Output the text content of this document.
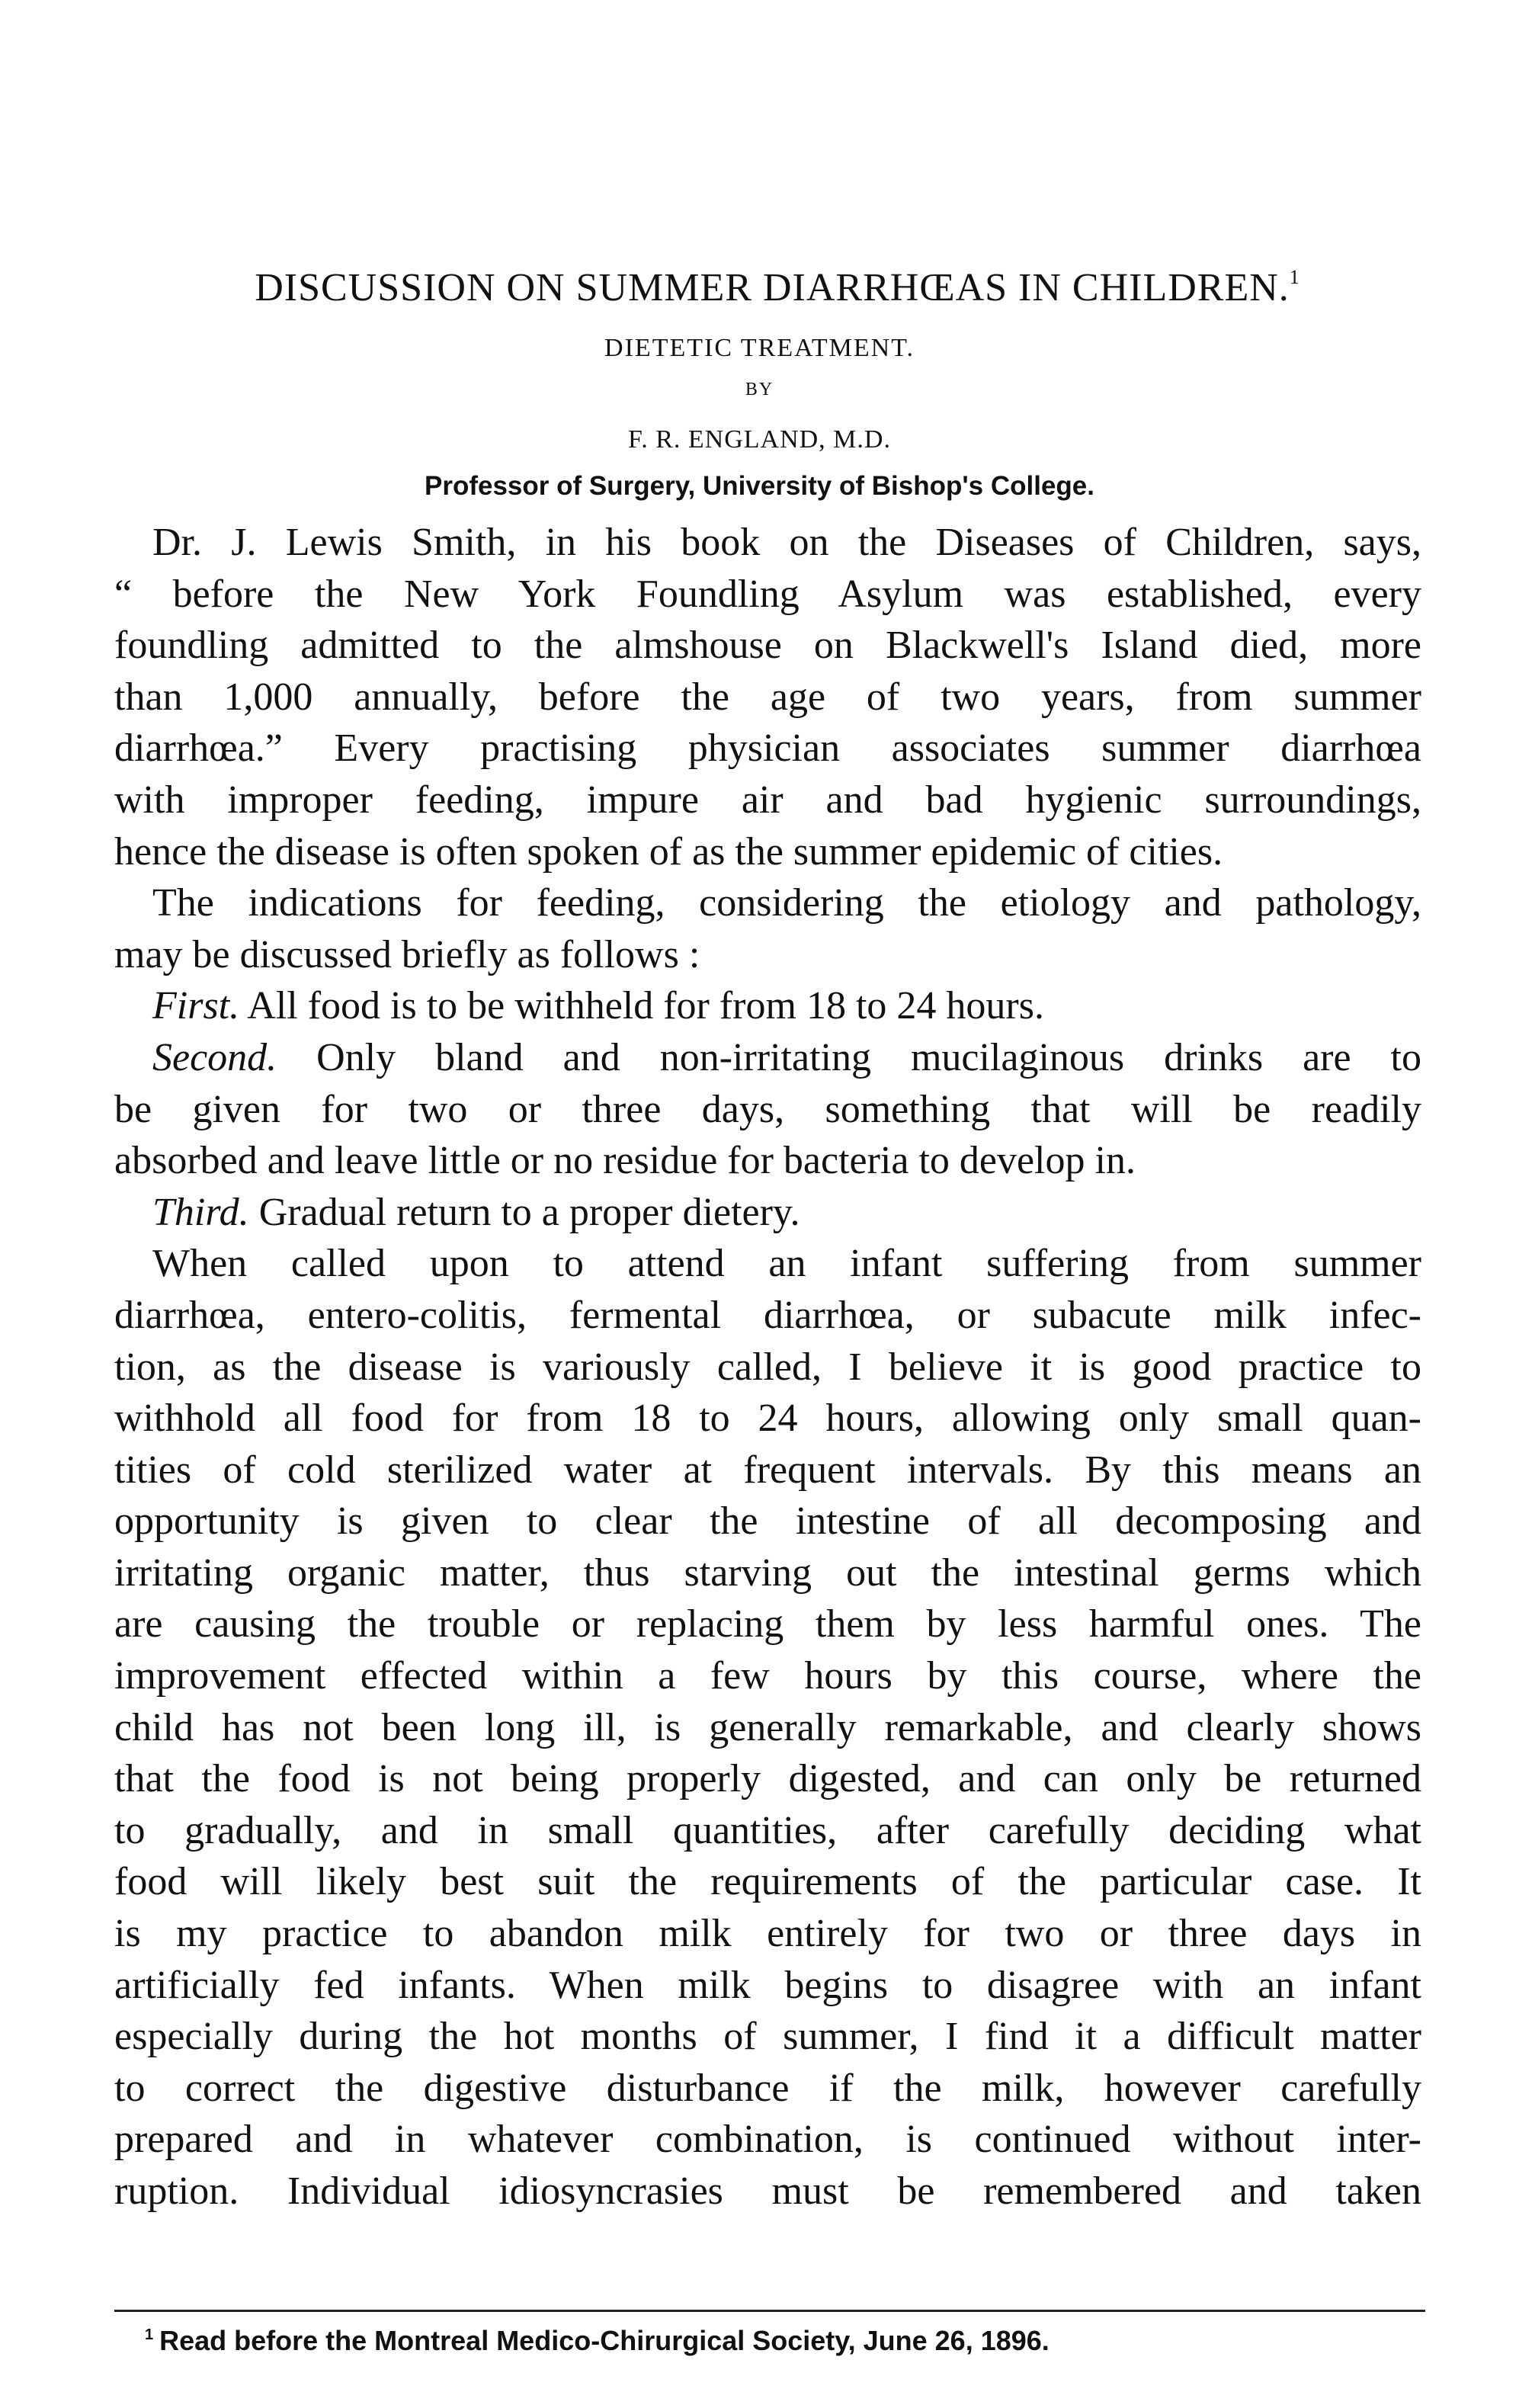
DISCUSSION ON SUMMER DIARRHŒAS IN CHILDREN.$^1$
DIETETIC TREATMENT.
BY
F. R. ENGLAND, M.D.
Professor of Surgery, University of Bishop's College.
Dr. J. Lewis Smith, in his book on the Diseases of Children, says,
“ before the New York Foundling Asylum was established, every
foundling admitted to the almshouse on Blackwell's Island died, more
than 1,000 annually, before the age of two years, from summer
diarrhœa.” Every practising physician associates summer diarrhœa
with improper feeding, impure air and bad hygienic surroundings,
hence the disease is often spoken of as the summer epidemic of cities.
The indications for feeding, considering the etiology and pathology,
may be discussed briefly as follows :
First. All food is to be withheld for from 18 to 24 hours.
Second. Only bland and non-irritating mucilaginous drinks are to
be given for two or three days, something that will be readily
absorbed and leave little or no residue for bacteria to develop in.
Third. Gradual return to a proper dietery.
When called upon to attend an infant suffering from summer
diarrhœa, entero-colitis, fermental diarrhœa, or subacute milk infec-
tion, as the disease is variously called, I believe it is good practice to
withhold all food for from 18 to 24 hours, allowing only small quan-
tities of cold sterilized water at frequent intervals. By this means an
opportunity is given to clear the intestine of all decomposing and
irritating organic matter, thus starving out the intestinal germs which
are causing the trouble or replacing them by less harmful ones. The
improvement effected within a few hours by this course, where the
child has not been long ill, is generally remarkable, and clearly shows
that the food is not being properly digested, and can only be returned
to gradually, and in small quantities, after carefully deciding what
food will likely best suit the requirements of the particular case. It
is my practice to abandon milk entirely for two or three days in
artificially fed infants. When milk begins to disagree with an infant
especially during the hot months of summer, I find it a difficult matter
to correct the digestive disturbance if the milk, however carefully
prepared and in whatever combination, is continued without inter-
ruption. Individual idiosyncrasies must be remembered and taken
$^1$ Read before the Montreal Medico-Chirurgical Society, June 26, 1896.
